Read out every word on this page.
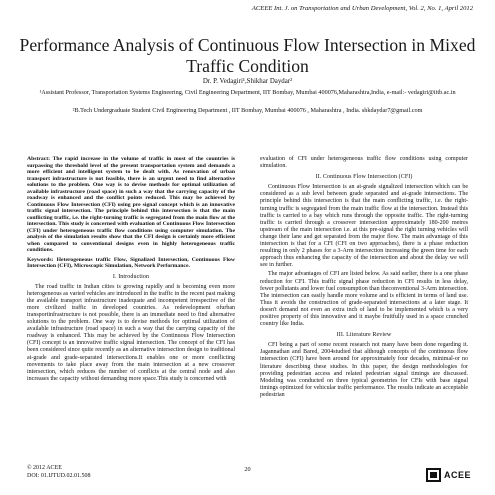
ACEEE Int. J. on Transportation and Urban Development, Vol. 2, No. 1, April 2012
Performance Analysis of Continuous Flow Intersection in Mixed Traffic Condition
Dr. P. Vedagiri¹,Shikhar Daydar²
¹Assistant Professor, Transportation Systems Engineering, Civil Engineering Department, IIT Bombay, Mumbai 400076,Maharashtra,India, e-mail:- vedagiri@iitb.ac.in
²B.Tech Undergraduate Student Civil Engineering Department , IIT Bombay, Mumbai 400076 , Maharashtra , India. shkdaydar7@gmail.com

Abstract: The rapid increase in the volume of traffic in most of the countries is surpassing the threshold level of the present transportation system and demands a more efficient and intelligent system to be dealt with. As renovation of urban transport infrastructure is not feasible, there is an urgent need to find alternative solutions to the problem. One way is to devise methods for optimal utilization of available infrastructure (road space) in such a way that the carrying capacity of the roadway is enhanced and the conflict points reduced. This may be achieved by Continuous Flow Intersection (CFI) using pre signal concept which is an innovative traffic signal intersection. The principle behind this intersection is that the main conflicting traffic, i.e. the right-turning traffic is segregated from the main flow at the intersection. This study is concerned with evaluation of Continuous Flow Intersection (CFI) under heterogeneous traffic flow conditions using computer simulation. The analysis of the simulation results show that the CFI design is certainly more efficient when compared to conventional designs even in highly heterogeneous traffic conditions.

Keywords: Heterogeneous traffic Flow, Signalized Intersection, Continuous Flow Intersection (CFI), Microscopic Simulation, Network Performance.

I. Introduction

The road traffic in Indian cities is growing rapidly and is becoming even more heterogeneous as varied vehicles are introduced in the traffic in the recent past making the available transport infrastructure inadequate and incompetent irrespective of the more civilized traffic in developed countries. As redevelopment ofurban transportinfrastructure is not possible, there is an immediate need to find alternative solutions to the problem. One way is to devise methods for optimal utilization of available infrastructure (road space) in such a way that the carrying capacity of the roadway is enhanced. This may be achieved by the Continuous Flow Intersection (CFI) concept is an innovative traffic signal intersection. The concept of the CFI has been considered since quite recently as an alternative intersection design to traditional at-grade and grade-separated intersections.It enables one or more conflicting movements to take place away from the main intersection at a new crossover intersection, which reduces the number of conflicts at the central node and also increases the capacity without demanding more space.This study is concerned with

evaluation of CFI under heterogeneous traffic flow conditions using computer simulation.

II. Continuous Flow Intersection (CFI)

Continuous Flow Intersection is an at-grade signalized intersection which can be considered as a sub level between grade separated and at-grade intersections. The principle behind this intersection is that the main conflicting traffic, i.e. the right-turning traffic is segregated from the main traffic flow at the intersection. Instead this traffic is carried to a bay which runs through the opposite traffic. The right-turning traffic is carried through a crossover intersection approximately 180-200 metres upstream of the main intersection i.e. at this pre-signal the right turning vehicles will change their lane and get separated from the major flow. The main advantage of this intersection is that for a CFI (CFI on two approaches), there is a phase reduction resulting in only 2 phases for a 3-Arm intersection increasing the green time for each approach thus enhancing the capacity of the intersection and about the delay we will see in further.

The major advantages of CFI are listed below. As said earlier, there is a one phase reduction for CFI. This traffic signal phase reduction in CFI results in less delay, fewer pollutants and lower fuel consumption than theconventional 3-Arm intersection. The intersection can easily handle more volume and is efficient in terms of land use. Thus it avoids the construction of grade-separated intersections at a later stage. It doesn't demand not even an extra inch of land to be implemented which is a very positive property of this innovative and it maybe fruitfully used in a space crunched country like India.

III. Literature Review

CFI being a part of some recent research not many have been done regarding it. Jagannathan and Bared, 2004studied that although concepts of the continuous flow intersection (CFI) have been around for approximately four decades, minimal-or no literature describing these studies. In this paper, the design methodologies for providing pedestrian access and related pedestrian signal timings are discussed. Modeling was conducted on three typical geometries for CFIs with base signal timings optimized for vehicular traffic performance. The results indicate an acceptable pedestrian

© 2012 ACEE
DOI: 01.IJTUD.02.01.508
20
ACEE
